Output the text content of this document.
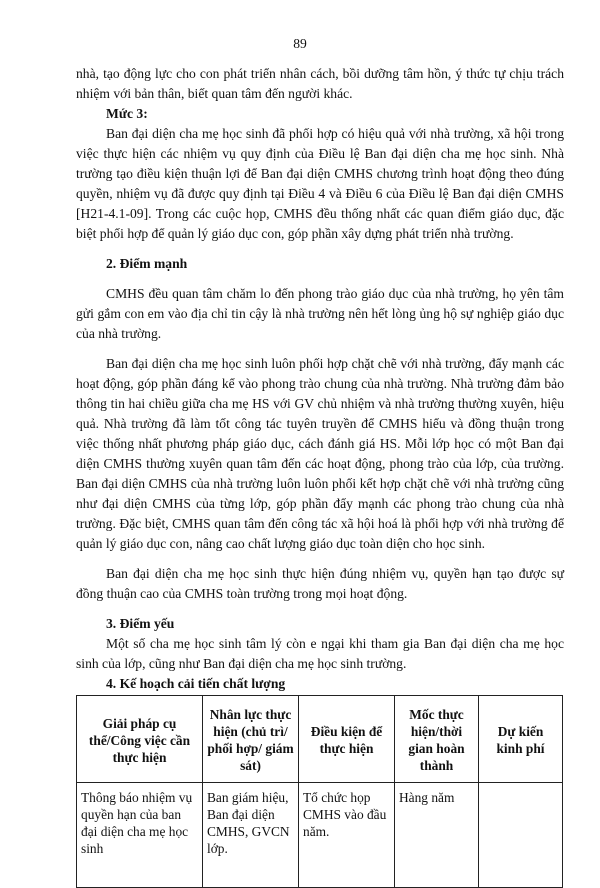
89

nhà, tạo động lực cho con phát triển nhân cách, bồi dưỡng tâm hồn, ý thức tự chịu trách nhiệm với bản thân, biết quan tâm đến người khác.

Mức 3:

Ban đại diện cha mẹ học sinh đã phối hợp có hiệu quả với nhà trường, xã hội trong việc thực hiện các nhiệm vụ quy định của Điều lệ Ban đại diện cha mẹ học sinh. Nhà trường tạo điều kiện thuận lợi để Ban đại diện CMHS chương trình hoạt động theo đúng quyền, nhiệm vụ đã được quy định tại Điều 4 và Điều 6 của Điều lệ Ban đại diện CMHS [H21-4.1-09]. Trong các cuộc họp, CMHS đều thống nhất các quan điểm giáo dục, đặc biệt phối hợp để quản lý giáo dục con, góp phần xây dựng phát triển nhà trường.

2. Điểm mạnh

CMHS đều quan tâm chăm lo đến phong trào giáo dục của nhà trường, họ yên tâm gửi gắm con em vào địa chỉ tin cậy là nhà trường nên hết lòng ủng hộ sự nghiệp giáo dục của nhà trường.

Ban đại diện cha mẹ học sinh luôn phối hợp chặt chẽ với nhà trường, đẩy mạnh các hoạt động, góp phần đáng kể vào phong trào chung của nhà trường. Nhà trường đảm bảo thông tin hai chiều giữa cha mẹ HS với GV chủ nhiệm và nhà trường thường xuyên, hiệu quả. Nhà trường đã làm tốt công tác tuyên truyền để CMHS hiểu và đồng thuận trong việc thống nhất phương pháp giáo dục, cách đánh giá HS. Mỗi lớp học có một Ban đại diện CMHS thường xuyên quan tâm đến các hoạt động, phong trào của lớp, của trường. Ban đại diện CMHS của nhà trường luôn luôn phối kết hợp chặt chẽ với nhà trường cũng như đại diện CMHS của từng lớp, góp phần đẩy mạnh các phong trào chung của nhà trường. Đặc biệt, CMHS quan tâm đến công tác xã hội hoá là phối hợp với nhà trường để quản lý giáo dục con, nâng cao chất lượng giáo dục toàn diện cho học sinh.

Ban đại diện cha mẹ học sinh thực hiện đúng nhiệm vụ, quyền hạn tạo được sự đồng thuận cao của CMHS toàn trường trong mọi hoạt động.

3. Điểm yếu

Một số cha mẹ học sinh tâm lý còn e ngại khi tham gia Ban đại diện cha mẹ học sinh của lớp, cũng như Ban đại diện cha mẹ học sinh trường.

4. Kế hoạch cải tiến chất lượng

Giải pháp cụ thể/Công việc cần thực hiện	Nhân lực thực hiện (chủ trì/ phối hợp/ giám sát)	Điều kiện để thực hiện	Mốc thực hiện/thời gian hoàn thành	Dự kiến kinh phí
Thông báo nhiệm vụ quyền hạn của ban đại diện cha mẹ học sinh	Ban giám hiệu, Ban đại diện CMHS, GVCN lớp.	Tổ chức họp CMHS vào đầu năm.	Hàng năm	
